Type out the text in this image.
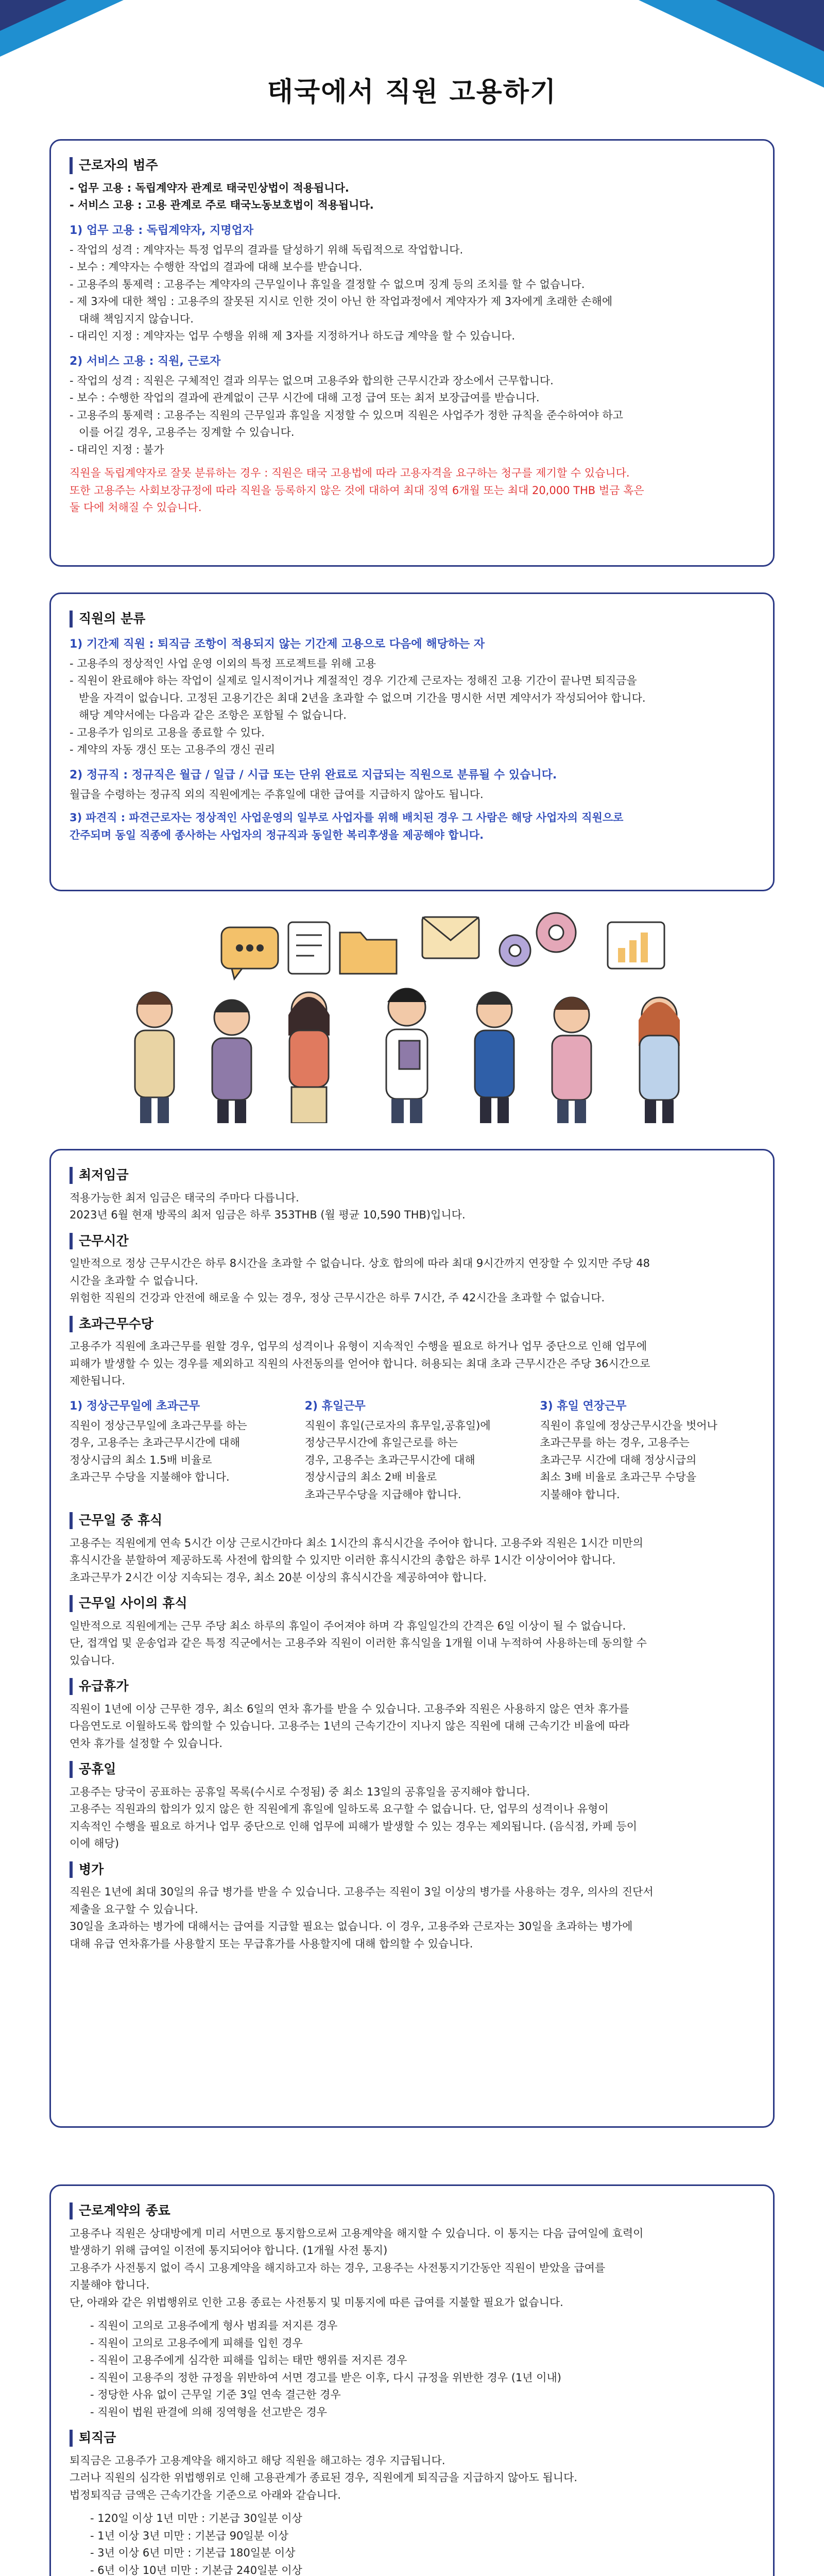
태국에서 직원 고용하기
근로자의 범주

- 업무 고용 : 독립계약자 관계로 태국민상법이 적용됩니다.

- 서비스 고용 : 고용 관계로 주로 태국노동보호법이 적용됩니다.

1) 업무 고용 : 독립계약자, 지명업자

- 작업의 성격 : 계약자는 특정 업무의 결과를 달성하기 위해 독립적으로 작업합니다.

- 보수 : 계약자는 수행한 작업의 결과에 대해 보수를 받습니다.

- 고용주의 통제력 : 고용주는 계약자의 근무일이나 휴일을 결정할 수 없으며 징계 등의 조치를 할 수 없습니다.

- 제 3자에 대한 책임 : 고용주의 잘못된 지시로 인한 것이 아닌 한 작업과정에서 계약자가 제 3자에게 초래한 손해에

대해 책임지지 않습니다.

- 대리인 지정 : 계약자는 업무 수행을 위해 제 3자를 지정하거나 하도급 계약을 할 수 있습니다.

2) 서비스 고용 : 직원, 근로자

- 작업의 성격 : 직원은 구체적인 결과 의무는 없으며 고용주와 합의한 근무시간과 장소에서 근무합니다.

- 보수 : 수행한 작업의 결과에 관계없이 근무 시간에 대해 고정 급여 또는 최저 보장급여를 받습니다.

- 고용주의 통제력 : 고용주는 직원의 근무일과 휴일을 지정할 수 있으며 직원은 사업주가 정한 규칙을 준수하여야 하고

이를 어길 경우, 고용주는 징계할 수 있습니다.

- 대리인 지정 : 불가

직원을 독립계약자로 잘못 분류하는 경우 : 직원은 태국 고용법에 따라 고용자격을 요구하는 청구를 제기할 수 있습니다.

또한 고용주는 사회보장규정에 따라 직원을 등록하지 않은 것에 대하여 최대 징역 6개월 또는 최대 20,000 THB 벌금 혹은

둘 다에 처해질 수 있습니다.

직원의 분류
1) 기간제 직원 : 퇴직금 조항이 적용되지 않는 기간제 고용으로 다음에 해당하는 자

- 고용주의 정상적인 사업 운영 이외의 특정 프로젝트를 위해 고용

- 직원이 완료해야 하는 작업이 실제로 일시적이거나 계절적인 경우 기간제 근로자는 정해진 고용 기간이 끝나면 퇴직금을

받을 자격이 없습니다. 고정된 고용기간은 최대 2년을 초과할 수 없으며 기간을 명시한 서면 계약서가 작성되어야 합니다.

해당 계약서에는 다음과 같은 조항은 포함될 수 없습니다.

- 고용주가 임의로 고용을 종료할 수 있다.

- 계약의 자동 갱신 또는 고용주의 갱신 권리

2) 정규직 : 정규직은 월급 / 일급 / 시급 또는 단위 완료로 지급되는 직원으로 분류될 수 있습니다.

월급을 수령하는 정규직 외의 직원에게는 주휴일에 대한 급여를 지급하지 않아도 됩니다.

3) 파견직 : 파견근로자는 정상적인 사업운영의 일부로 사업자를 위해 배치된 경우 그 사람은 해당 사업자의 직원으로

간주되며 동일 직종에 종사하는 사업자의 정규직과 동일한 복리후생을 제공해야 합니다.

최저임금

적용가능한 최저 임금은 태국의 주마다 다릅니다.

2023년 6월 현재 방콕의 최저 임금은 하루 353THB (월 평균 10,590 THB)입니다.

근무시간

일반적으로 정상 근무시간은 하루 8시간을 초과할 수 없습니다. 상호 합의에 따라 최대 9시간까지 연장할 수 있지만 주당 48

시간을 초과할 수 없습니다.

위험한 직원의 건강과 안전에 해로울 수 있는 경우, 정상 근무시간은 하루 7시간, 주 42시간을 초과할 수 없습니다.

초과근무수당

고용주가 직원에 초과근무를 원할 경우, 업무의 성격이나 유형이 지속적인 수행을 필요로 하거나 업무 중단으로 인해 업무에

피해가 발생할 수 있는 경우를 제외하고 직원의 사전동의를 얻어야 합니다. 허용되는 최대 초과 근무시간은 주당 36시간으로

제한됩니다.

1) 정상근무일에 초과근무

직원이 정상근무일에 초과근무를 하는

경우, 고용주는 초과근무시간에 대해

정상시급의 최소 1.5배 비율로

초과근무 수당을 지불해야 합니다.

2) 휴일근무

직원이 휴일(근로자의 휴무일,공휴일)에

정상근무시간에 휴일근로를 하는

경우, 고용주는 초과근무시간에 대해

정상시급의 최소 2배 비율로

초과근무수당을 지급해야 합니다.

3) 휴일 연장근무

직원이 휴일에 정상근무시간을 벗어나

초과근무를 하는 경우, 고용주는

초과근무 시간에 대해 정상시급의

최소 3배 비율로 초과근무 수당을

지불해야 합니다.

근무일 중 휴식

고용주는 직원에게 연속 5시간 이상 근로시간마다 최소 1시간의 휴식시간을 주어야 합니다. 고용주와 직원은 1시간 미만의

휴식시간을 분할하여 제공하도록 사전에 합의할 수 있지만 이러한 휴식시간의 총합은 하루 1시간 이상이어야 합니다.

초과근무가 2시간 이상 지속되는 경우, 최소 20분 이상의 휴식시간을 제공하여야 합니다.

근무일 사이의 휴식

일반적으로 직원에게는 근무 주당 최소 하루의 휴일이 주어져야 하며 각 휴일일간의 간격은 6일 이상이 될 수 없습니다.

단, 접객업 및 운송업과 같은 특정 직군에서는 고용주와 직원이 이러한 휴식일을 1개월 이내 누적하여 사용하는데 동의할 수

있습니다.

유급휴가

직원이 1년에 이상 근무한 경우, 최소 6일의 연차 휴가를 받을 수 있습니다. 고용주와 직원은 사용하지 않은 연차 휴가를

다음연도로 이월하도록 합의할 수 있습니다. 고용주는 1년의 근속기간이 지나지 않은 직원에 대해 근속기간 비율에 따라

연차 휴가를 설정할 수 있습니다.

공휴일

고용주는 당국이 공표하는 공휴일 목록(수시로 수정됨) 중 최소 13일의 공휴일을 공지해야 합니다.

고용주는 직원과의 합의가 있지 않은 한 직원에게 휴일에 일하도록 요구할 수 없습니다. 단, 업무의 성격이나 유형이

지속적인 수행을 필요로 하거나 업무 중단으로 인해 업무에 피해가 발생할 수 있는 경우는 제외됩니다. (음식점, 카페 등이

이에 해당)

병가

직원은 1년에 최대 30일의 유급 병가를 받을 수 있습니다. 고용주는 직원이 3일 이상의 병가를 사용하는 경우, 의사의 진단서

제출을 요구할 수 있습니다.

30일을 초과하는 병가에 대해서는 급여를 지급할 필요는 없습니다. 이 경우, 고용주와 근로자는 30일을 초과하는 병가에

대해 유급 연차휴가를 사용할지 또는 무급휴가를 사용할지에 대해 합의할 수 있습니다.

근로계약의 종료

고용주나 직원은 상대방에게 미리 서면으로 통지함으로써 고용계약을 해지할 수 있습니다. 이 통지는 다음 급여일에 효력이

발생하기 위해 급여일 이전에 통지되어야 합니다. (1개월 사전 통지)

고용주가 사전통지 없이 즉시 고용계약을 해지하고자 하는 경우, 고용주는 사전통지기간동안 직원이 받았을 급여를

지불해야 합니다.

단, 아래와 같은 위법행위로 인한 고용 종료는 사전통지 및 미통지에 따른 급여를 지불할 필요가 없습니다.

- 직원이 고의로 고용주에게 형사 범죄를 저지른 경우

- 직원이 고의로 고용주에게 피해를 입힌 경우

- 직원이 고용주에게 심각한 피해를 입히는 태만 행위를 저지른 경우

- 직원이 고용주의 정한 규정을 위반하여 서면 경고를 받은 이후, 다시 규정을 위반한 경우 (1년 이내)

- 정당한 사유 없이 근무일 기준 3일 연속 결근한 경우

- 직원이 법원 판결에 의해 징역형을 선고받은 경우

퇴직금

퇴직금은 고용주가 고용계약을 해지하고 해당 직원을 해고하는 경우 지급됩니다.

그러나 직원의 심각한 위법행위로 인해 고용관계가 종료된 경우, 직원에게 퇴직금을 지급하지 않아도 됩니다.

법정퇴직금 금액은 근속기간을 기준으로 아래와 같습니다.

- 120일 이상 1년 미만 : 기본급 30일분 이상

- 1년 이상 3년 미만 : 기본급 90일분 이상

- 3년 이상 6년 미만 : 기본급 180일분 이상

- 6년 이상 10년 미만 : 기본급 240일분 이상
